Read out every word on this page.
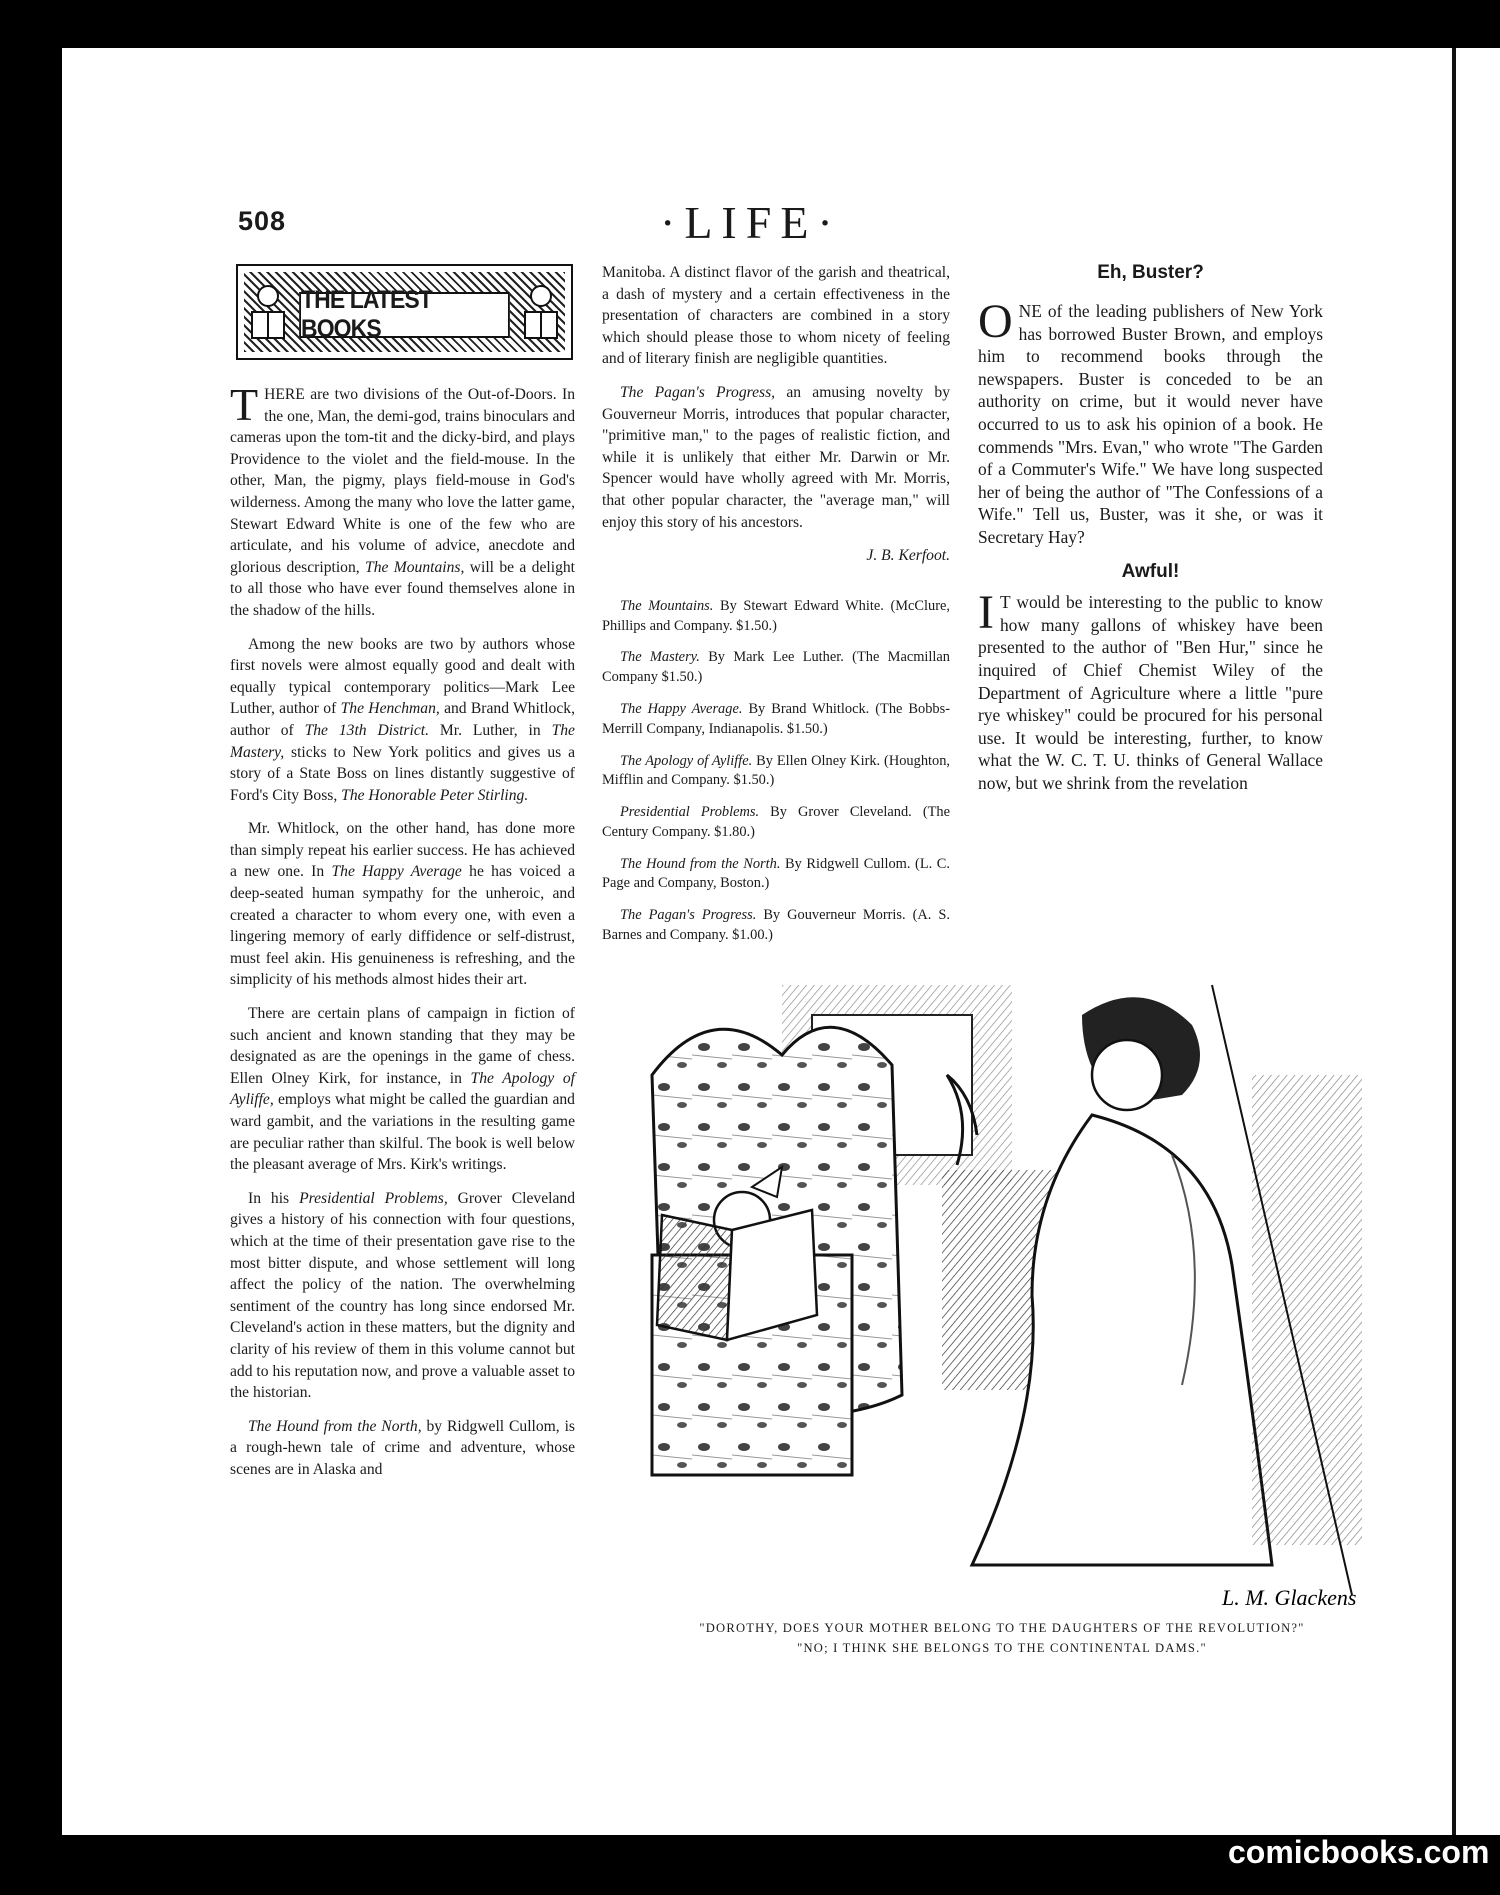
508	·LIFE·
THE LATEST BOOKS

THERE are two divisions of the Out-of-Doors. In the one, Man, the demi-god, trains binoculars and cameras upon the tom-tit and the dicky-bird, and plays Providence to the violet and the field-mouse. In the other, Man, the pigmy, plays field-mouse in God's wilderness. Among the many who love the latter game, Stewart Edward White is one of the few who are articulate, and his volume of advice, anecdote and glorious description, The Mountains, will be a delight to all those who have ever found themselves alone in the shadow of the hills.

Among the new books are two by authors whose first novels were almost equally good and dealt with equally typical contemporary politics—Mark Lee Luther, author of The Henchman, and Brand Whitlock, author of The 13th District. Mr. Luther, in The Mastery, sticks to New York politics and gives us a story of a State Boss on lines distantly suggestive of Ford's City Boss, The Honorable Peter Stirling.

Mr. Whitlock, on the other hand, has done more than simply repeat his earlier success. He has achieved a new one. In The Happy Average he has voiced a deep-seated human sympathy for the unheroic, and created a character to whom every one, with even a lingering memory of early diffidence or self-distrust, must feel akin. His genuineness is refreshing, and the simplicity of his methods almost hides their art.

There are certain plans of campaign in fiction of such ancient and known standing that they may be designated as are the openings in the game of chess. Ellen Olney Kirk, for instance, in The Apology of Ayliffe, employs what might be called the guardian and ward gambit, and the variations in the resulting game are peculiar rather than skilful. The book is well below the pleasant average of Mrs. Kirk's writings.

In his Presidential Problems, Grover Cleveland gives a history of his connection with four questions, which at the time of their presentation gave rise to the most bitter dispute, and whose settlement will long affect the policy of the nation. The overwhelming sentiment of the country has long since endorsed Mr. Cleveland's action in these matters, but the dignity and clarity of his review of them in this volume cannot but add to his reputation now, and prove a valuable asset to the historian.

The Hound from the North, by Ridgwell Cullom, is a rough-hewn tale of crime and adventure, whose scenes are in Alaska and

Manitoba. A distinct flavor of the garish and theatrical, a dash of mystery and a certain effectiveness in the presentation of characters are combined in a story which should please those to whom nicety of feeling and of literary finish are negligible quantities.

The Pagan's Progress, an amusing novelty by Gouverneur Morris, introduces that popular character, "primitive man," to the pages of realistic fiction, and while it is unlikely that either Mr. Darwin or Mr. Spencer would have wholly agreed with Mr. Morris, that other popular character, the "average man," will enjoy this story of his ancestors.

J. B. Kerfoot.

The Mountains. By Stewart Edward White. (McClure, Phillips and Company. $1.50.)

The Mastery. By Mark Lee Luther. (The Macmillan Company $1.50.)

The Happy Average. By Brand Whitlock. (The Bobbs-Merrill Company, Indianapolis. $1.50.)

The Apology of Ayliffe. By Ellen Olney Kirk. (Houghton, Mifflin and Company. $1.50.)

Presidential Problems. By Grover Cleveland. (The Century Company. $1.80.)

The Hound from the North. By Ridgwell Cullom. (L. C. Page and Company, Boston.)

The Pagan's Progress. By Gouverneur Morris. (A. S. Barnes and Company. $1.00.)

Eh, Buster?

ONE of the leading publishers of New York has borrowed Buster Brown, and employs him to recommend books through the newspapers. Buster is conceded to be an authority on crime, but it would never have occurred to us to ask his opinion of a book. He commends "Mrs. Evan," who wrote "The Garden of a Commuter's Wife." We have long suspected her of being the author of "The Confessions of a Wife." Tell us, Buster, was it she, or was it Secretary Hay?

Awful!

I T would be interesting to the public to know how many gallons of whiskey have been presented to the author of "Ben Hur," since he inquired of Chief Chemist Wiley of the Department of Agriculture where a little "pure rye whiskey" could be procured for his personal use. It would be interesting, further, to know what the W. C. T. U. thinks of General Wallace now, but we shrink from the revelation

L. M. Glackens
"DOROTHY, DOES YOUR MOTHER BELONG TO THE DAUGHTERS OF THE REVOLUTION?"
"NO; I THINK SHE BELONGS TO THE CONTINENTAL DAMS."
comicbooks.com
